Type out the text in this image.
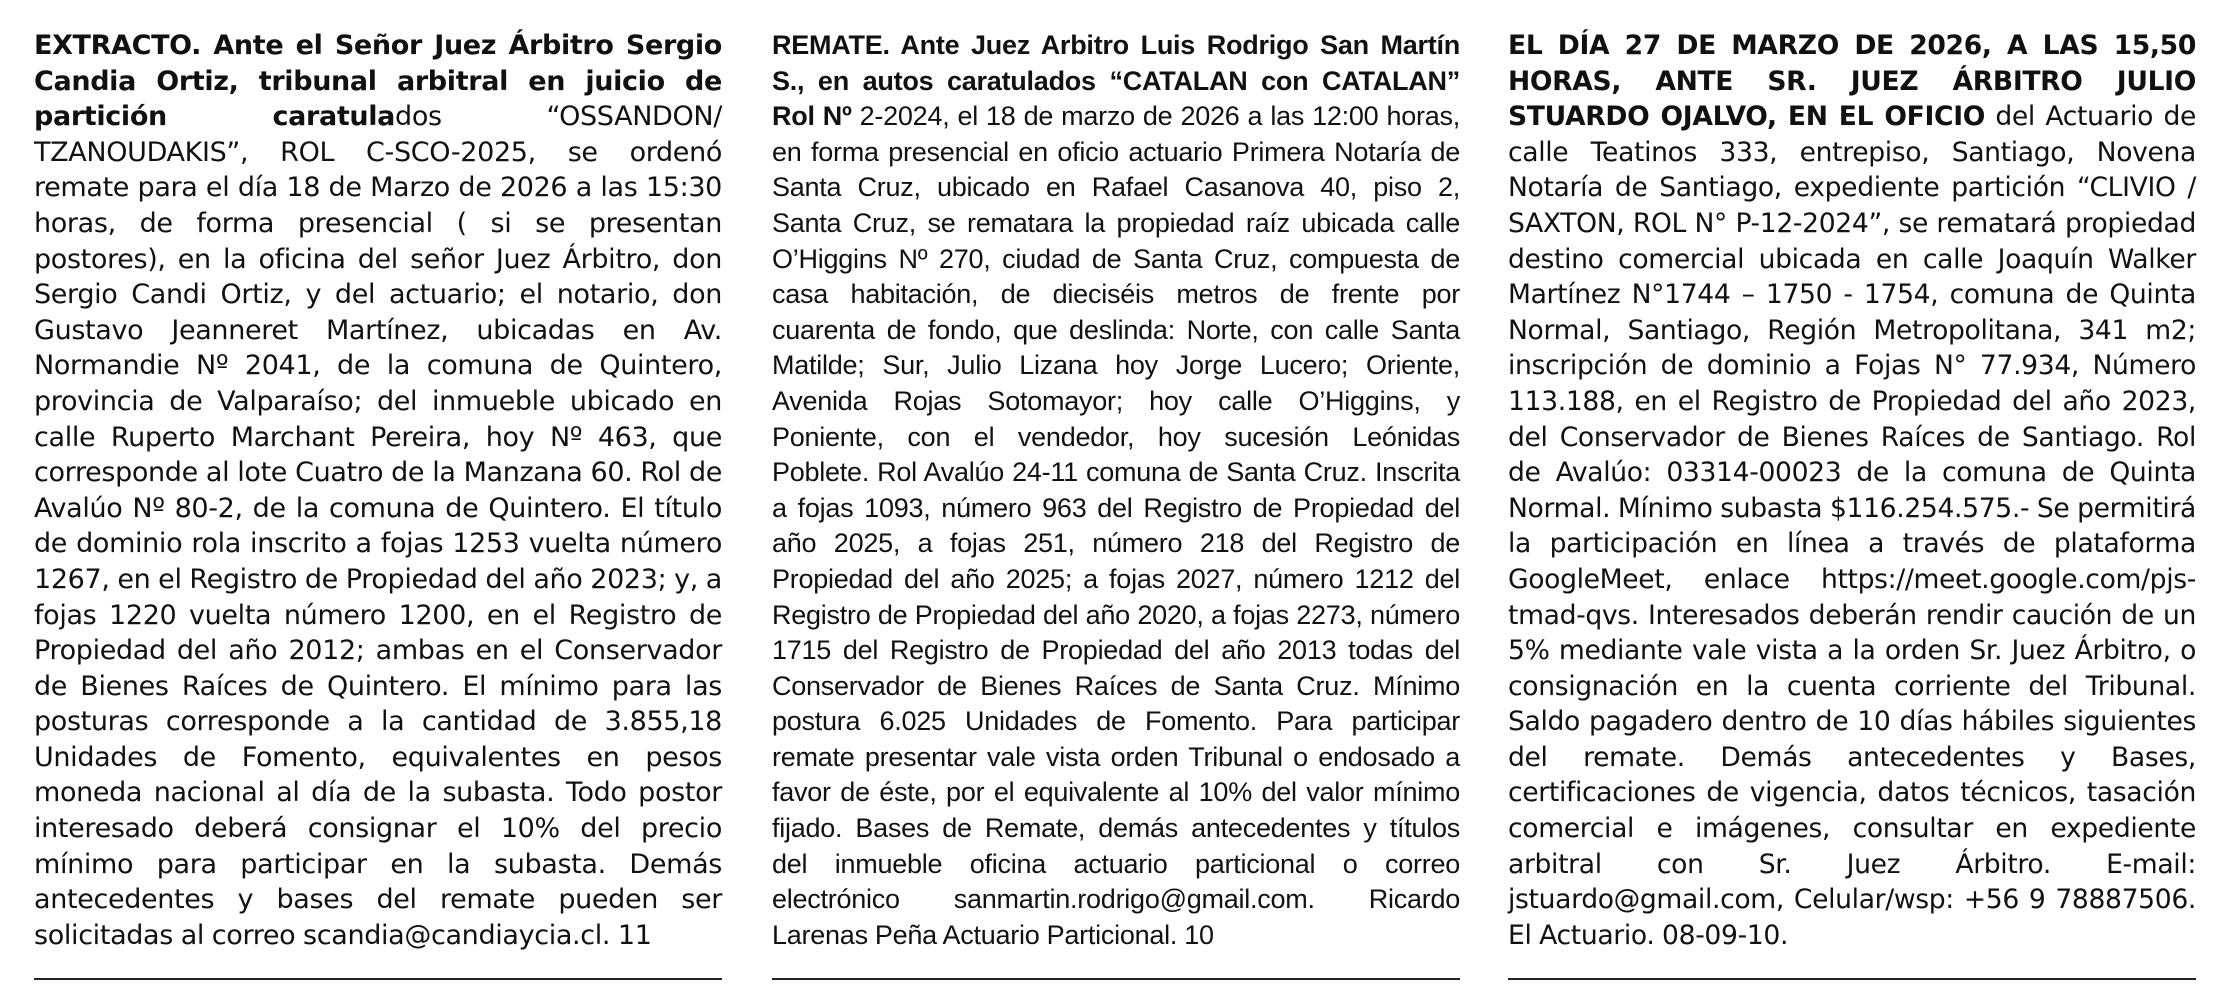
EXTRACTO. Ante el Señor Juez Árbitro Sergio Candia Ortiz, tribunal arbitral en juicio de partición caratulados “OSSANDON/ TZANOUDAKIS”, ROL C-SCO-2025, se ordenó remate para el día 18 de Marzo de 2026 a las 15:30 horas, de forma presencial ( si se presentan postores), en la oficina del señor Juez Árbitro, don Sergio Candi Ortiz, y del actuario; el notario, don Gustavo Jeanneret Martínez, ubicadas en Av. Normandie Nº 2041, de la comuna de Quintero, provincia de Valparaíso; del inmueble ubicado en calle Ruperto Marchant Pereira, hoy Nº 463, que corresponde al lote Cuatro de la Manzana 60. Rol de Avalúo Nº 80-2, de la comuna de Quintero. El título de dominio rola inscrito a fojas 1253 vuelta número 1267, en el Registro de Propiedad del año 2023; y, a fojas 1220 vuelta número 1200, en el Registro de Propiedad del año 2012; ambas en el Conservador de Bienes Raíces de Quintero. El mínimo para las posturas corresponde a la cantidad de 3.855,18 Unidades de Fomento, equivalentes en pesos moneda nacional al día de la subasta. Todo postor interesado deberá consignar el 10% del precio mínimo para participar en la subasta. Demás antecedentes y bases del remate pueden ser solicitadas al correo scandia@candiaycia.cl. 11

REMATE. Ante Juez Arbitro Luis Rodrigo San Martín S., en autos caratulados “CATALAN con CATALAN” Rol Nº 2-2024, el 18 de marzo de 2026 a las 12:00 horas, en forma presencial en oficio actuario Primera Notaría de Santa Cruz, ubicado en Rafael Casanova 40, piso 2, Santa Cruz, se rematara la propiedad raíz ubicada calle O’Higgins Nº 270, ciudad de Santa Cruz, compuesta de casa habitación, de dieciséis metros de frente por cuarenta de fondo, que deslinda: Norte, con calle Santa Matilde; Sur, Julio Lizana hoy Jorge Lucero; Oriente, Avenida Rojas Sotomayor; hoy calle O’Higgins, y Poniente, con el vendedor, hoy sucesión Leónidas Poblete. Rol Avalúo 24-11 comuna de Santa Cruz. Inscrita a fojas 1093, número 963 del Registro de Propiedad del año 2025, a fojas 251, número 218 del Registro de Propiedad del año 2025; a fojas 2027, número 1212 del Registro de Propiedad del año 2020, a fojas 2273, número 1715 del Registro de Propiedad del año 2013 todas del Conservador de Bienes Raíces de Santa Cruz. Mínimo postura 6.025 Unidades de Fomento. Para participar remate presentar vale vista orden Tribunal o endosado a favor de éste, por el equivalente al 10% del valor mínimo fijado. Bases de Remate, demás antecedentes y títulos del inmueble oficina actuario particional o correo electrónico sanmartin.rodrigo@gmail.com. Ricardo Larenas Peña Actuario Particional. 10

EL DÍA 27 DE MARZO DE 2026, A LAS 15,50 HORAS, ANTE SR. JUEZ ÁRBITRO JULIO STUARDO OJALVO, EN EL OFICIO del Actuario de calle Teatinos 333, entrepiso, Santiago, Novena Notaría de Santiago, expediente partición “CLIVIO / SAXTON, ROL N° P-12-2024”, se rematará propiedad destino comercial ubicada en calle Joaquín Walker Martínez N°1744 – 1750 - 1754, comuna de Quinta Normal, Santiago, Región Metropolitana, 341 m2; inscripción de dominio a Fojas N° 77.934, Número 113.188, en el Registro de Propiedad del año 2023, del Conservador de Bienes Raíces de Santiago. Rol de Avalúo: 03314-00023 de la comuna de Quinta Normal. Mínimo subasta $116.254.575.- Se permitirá la participación en línea a través de plataforma GoogleMeet, enlace https://meet.google.com/pjs-tmad-qvs. Interesados deberán rendir caución de un 5% mediante vale vista a la orden Sr. Juez Árbitro, o consignación en la cuenta corriente del Tribunal. Saldo pagadero dentro de 10 días hábiles siguientes del remate. Demás antecedentes y Bases, certificaciones de vigencia, datos técnicos, tasación comercial e imágenes, consultar en expediente arbitral con Sr. Juez Árbitro. E-mail: jstuardo@gmail.com, Celular/wsp: +56 9 78887506. El Actuario. 08-09-10.
